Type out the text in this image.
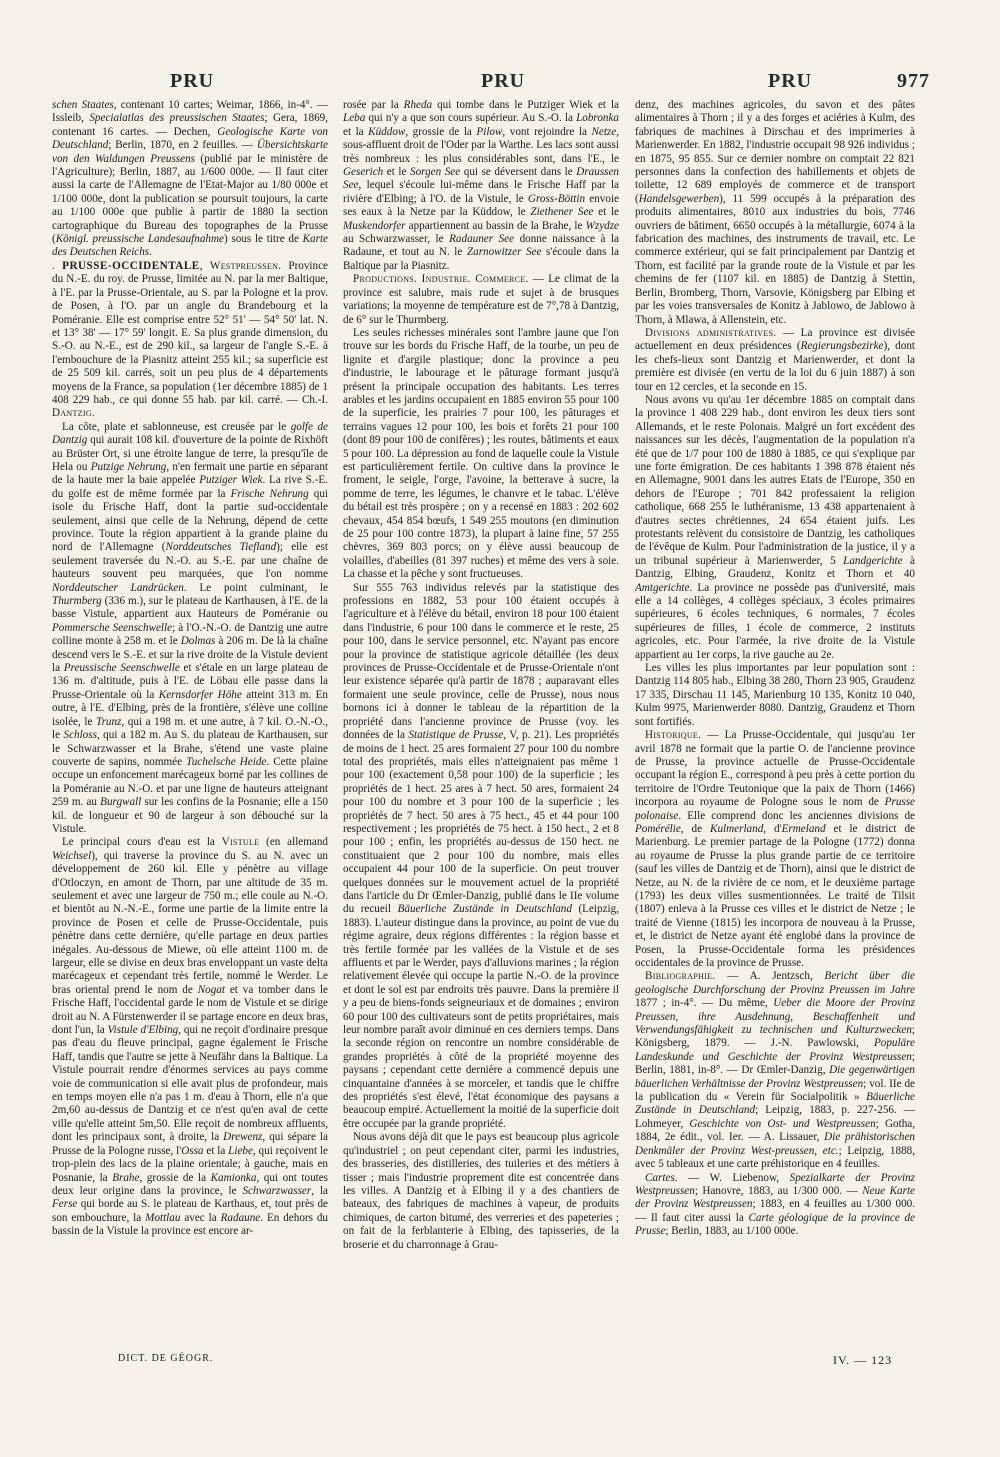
PRU	PRU	PRU	977

schen Staates, contenant 10 cartes; Weimar, 1866, in-4°. — Issleib, Specialatlas des preussischen Staates; Gera, 1869, contenant 16 cartes. — Dechen, Geologische Karte von Deutschland; Berlin, 1870, en 2 feuilles. — Übersichtskarte von den Waldungen Preussens (publié par le ministère de l'Agriculture); Berlin, 1887, au 1/600 000e. — Il faut citer aussi la carte de l'Allemagne de l'Etat-Major au 1/80 000e et 1/100 000e, dont la publication se poursuit toujours, la carte au 1/100 000e que publie à partir de 1880 la section cartographique du Bureau des topographes de la Prusse (Königl. preussische Landesaufnahme) sous le titre de Karte des Deutschen Reichs.

. PRUSSE-OCCIDENTALE, Westpreussen. Province du N.-E. du roy. de Prusse, limitée au N. par la mer Baltique, à l'E. par la Prusse-Orientale, au S. par la Pologne et la prov. de Posen, à l'O. par un angle du Brandebourg et la Poméranie. Elle est comprise entre 52° 51' — 54° 50' lat. N. et 13° 38' — 17° 59' longit. E. Sa plus grande dimension, du S.-O. au N.-E., est de 290 kil., sa largeur de l'angle S.-E. à l'embouchure de la Piasnitz atteint 255 kil.; sa superficie est de 25 509 kil. carrés, soit un peu plus de 4 départements moyens de la France, sa population (1er décembre 1885) de 1 408 229 hab., ce qui donne 55 hab. par kil. carré. — Ch.-I. Dantzig.

La côte, plate et sablonneuse, est creusée par le golfe de Dantzig qui aurait 108 kil. d'ouverture de la pointe de Rixhöft au Brüster Ort, si une étroite langue de terre, la presqu'île de Hela ou Putzige Nehrung, n'en fermait une partie en séparant de la haute mer la baie appelée Putziger Wiek. La rive S.-E. du golfe est de même formée par la Frische Nehrung qui isole du Frische Haff, dont la partie sud-occidentale seulement, ainsi que celle de la Nehrung, dépend de cette province. Toute la région appartient à la grande plaine du nord de l'Allemagne (Norddeutsches Tiefland); elle est seulement traversée du N.-O. au S.-E. par une chaîne de hauteurs souvent peu marquées, que l'on nomme Norddeutscher Landrücken. Le point culminant, le Thurmberg (336 m.), sur le plateau de Karthausen, à l'E. de la basse Vistule, appartient aux Hauteurs de Poméranie ou Pommersche Seenschwelle; à l'O.-N.-O. de Dantzig une autre colline monte à 258 m. et le Dolmas à 206 m. De là la chaîne descend vers le S.-E. et sur la rive droite de la Vistule devient la Preussische Seenschwelle et s'étale en un large plateau de 136 m. d'altitude, puis à l'E. de Löbau elle passe dans la Prusse-Orientale où la Kernsdorfer Höhe atteint 313 m. En outre, à l'E. d'Elbing, près de la frontière, s'élève une colline isolée, le Trunz, qui a 198 m. et une autre, à 7 kil. O.-N.-O., le Schloss, qui a 182 m. Au S. du plateau de Karthausen, sur le Schwarzwasser et la Brahe, s'étend une vaste plaine couverte de sapins, nommée Tuchelsche Heide. Cette plaine occupe un enfoncement marécageux borné par les collines de la Poméranie au N.-O. et par une ligne de hauteurs atteignant 259 m. au Burgwall sur les confins de la Posnanie; elle a 150 kil. de longueur et 90 de largeur à son débouché sur la Vistule.

Le principal cours d'eau est la Vistule (en allemand Weichsel), qui traverse la province du S. au N. avec un développement de 260 kil. Elle y pénètre au village d'Otloczyn, en amont de Thorn, par une altitude de 35 m. seulement et avec une largeur de 750 m.; elle coule au N.-O. et bientôt au N.-N.-E., forme une partie de la limite entre la province de Posen et celle de Prusse-Occidentale, puis pénètre dans cette dernière, qu'elle partage en deux parties inégales. Au-dessous de Miewe, où elle atteint 1100 m. de largeur, elle se divise en deux bras enveloppant un vaste delta marécageux et cependant très fertile, nommé le Werder. Le bras oriental prend le nom de Nogat et va tomber dans le Frische Haff, l'occidental garde le nom de Vistule et se dirige droit au N. A Fürstenwerder il se partage encore en deux bras, dont l'un, la Vistule d'Elbing, qui ne reçoit d'ordinaire presque pas d'eau du fleuve principal, gagne également le Frische Haff, tandis que l'autre se jette à Neufähr dans la Baltique. La Vistule pourrait rendre d'énormes services au pays comme voie de communication si elle avait plus de profondeur, mais en temps moyen elle n'a pas 1 m. d'eau à Thorn, elle n'a que 2m,60 au-dessus de Dantzig et ce n'est qu'en aval de cette ville qu'elle atteint 5m,50. Elle reçoit de nombreux affluents, dont les principaux sont, à droite, la Drewenz, qui sépare la Prusse de la Pologne russe, l'Ossa et la Liebe, qui reçoivent le trop-plein des lacs de la plaine orientale; à gauche, mais en Posnanie, la Brahe, grossie de la Kamionka, qui ont toutes deux leur origine dans la province, le Schwarzwasser, la Ferse qui borde au S. le plateau de Karthaus, et, tout près de son embouchure, la Mottlau avec la Radaune. En dehors du bassin de la Vistule la province est encore ar-

rosée par la Rheda qui tombe dans le Putziger Wiek et la Leba qui n'y a que son cours supérieur. Au S.-O. la Lobronka et la Küddow, grossie de la Pilow, vont rejoindre la Netze, sous-affluent droit de l'Oder par la Warthe. Les lacs sont aussi très nombreux : les plus considérables sont, dans l'E., le Geserich et le Sorgen See qui se déversent dans le Draussen See, lequel s'écoule lui-même dans le Frische Haff par la rivière d'Elbing; à l'O. de la Vistule, le Gross-Böttin envoie ses eaux à la Netze par la Küddow, le Ziethener See et le Muskendorfer appartiennent au bassin de la Brahe, le Wzydze au Schwarzwasser, le Radauner See donne naissance à la Radaune, et tout au N. le Zarnowitzer See s'écoule dans la Baltique par la Piasnitz.

Productions. Industrie. Commerce. — Le climat de la province est salubre, mais rude et sujet à de brusques variations; la moyenne de température est de 7°,78 à Dantzig, de 6° sur le Thurmberg.

Les seules richesses minérales sont l'ambre jaune que l'on trouve sur les bords du Frische Haff, de la tourbe, un peu de lignite et d'argile plastique; donc la province a peu d'industrie, le labourage et le pâturage formant jusqu'à présent la principale occupation des habitants. Les terres arables et les jardins occupaient en 1885 environ 55 pour 100 de la superficie, les prairies 7 pour 100, les pâturages et terrains vagues 12 pour 100, les bois et forêts 21 pour 100 (dont 89 pour 100 de conifères) ; les routes, bâtiments et eaux 5 pour 100. La dépression au fond de laquelle coule la Vistule est particulièrement fertile. On cultive dans la province le froment, le seigle, l'orge, l'avoine, la betterave à sucre, la pomme de terre, les légumes, le chanvre et le tabac. L'élève du bétail est très prospère ; on y a recensé en 1883 : 202 602 chevaux, 454 854 bœufs, 1 549 255 moutons (en diminution de 25 pour 100 contre 1873), la plupart à laine fine, 57 255 chèvres, 369 803 porcs; on y élève aussi beaucoup de volailles, d'abeilles (81 397 ruches) et même des vers à soie. La chasse et la pêche y sont fructueuses.

Sur 555 763 individus relevés par la statistique des professions en 1882, 53 pour 100 étaient occupés à l'agriculture et à l'élève du bétail, environ 18 pour 100 étaient dans l'industrie, 6 pour 100 dans le commerce et le reste, 25 pour 100, dans le service personnel, etc. N'ayant pas encore pour la province de statistique agricole détaillée (les deux provinces de Prusse-Occidentale et de Prusse-Orientale n'ont leur existence séparée qu'à partir de 1878 ; auparavant elles formaient une seule province, celle de Prusse), nous nous bornons ici à donner le tableau de la répartition de la propriété dans l'ancienne province de Prusse (voy. les données de la Statistique de Prusse, V, p. 21). Les propriétés de moins de 1 hect. 25 ares formaient 27 pour 100 du nombre total des propriétés, mais elles n'atteignaient pas même 1 pour 100 (exactement 0,58 pour 100) de la superficie ; les propriétés de 1 hect. 25 ares à 7 hect. 50 ares, formaient 24 pour 100 du nombre et 3 pour 100 de la superficie ; les propriétés de 7 hect. 50 ares à 75 hect., 45 et 44 pour 100 respectivement ; les propriétés de 75 hect. à 150 hect., 2 et 8 pour 100 ; enfin, les propriétés au-dessus de 150 hect. ne constituaient que 2 pour 100 du nombre, mais elles occupaient 44 pour 100 de la superficie. On peut trouver quelques données sur le mouvement actuel de la propriété dans l'article du Dr Œmler-Danzig, publié dans le IIe volume du recueil Bäuerliche Zustände in Deutschland (Leipzig, 1883). L'auteur distingue dans la province, au point de vue du régime agraire, deux régions différentes : la région basse et très fertile formée par les vallées de la Vistule et de ses affluents et par le Werder, pays d'alluvions marines ; la région relativement élevée qui occupe la partie N.-O. de la province et dont le sol est par endroits très pauvre. Dans la première il y a peu de biens-fonds seigneuriaux et de domaines ; environ 60 pour 100 des cultivateurs sont de petits propriétaires, mais leur nombre paraît avoir diminué en ces derniers temps. Dans la seconde région on rencontre un nombre considérable de grandes propriétés à côté de la propriété moyenne des paysans ; cependant cette dernière a commencé depuis une cinquantaine d'années à se morceler, et tandis que le chiffre des propriétés s'est élevé, l'état économique des paysans a beaucoup empiré. Actuellement la moitié de la superficie doit être occupée par la grande propriété.

Nous avons déjà dit que le pays est beaucoup plus agricole qu'industriel ; on peut cependant citer, parmi les industries, des brasseries, des distilleries, des tuileries et des métiers à tisser ; mais l'industrie proprement dite est concentrée dans les villes. A Dantzig et à Elbing il y a des chantiers de bateaux, des fabriques de machines à vapeur, de produits chimiques, de carton bitumé, des verreries et des papeteries ; on fait de la ferblanterie à Elbing, des tapisseries, de la broserie et du charronnage à Grau-

denz, des machines agricoles, du savon et des pâtes alimentaires à Thorn ; il y a des forges et aciéries à Kulm, des fabriques de machines à Dirschau et des imprimeries à Marienwerder. En 1882, l'industrie occupait 98 926 individus ; en 1875, 95 855. Sur ce dernier nombre on comptait 22 821 personnes dans la confection des habillements et objets de toilette, 12 689 employés de commerce et de transport (Handelsgewerben), 11 599 occupés à la préparation des produits alimentaires, 8010 aux industries du bois, 7746 ouvriers de bâtiment, 6650 occupés à la métallurgie, 6074 à la fabrication des machines, des instruments de travail, etc. Le commerce extérieur, qui se fait principalement par Dantzig et Thorn, est facilité par la grande route de la Vistule et par les chemins de fer (1107 kil. en 1885) de Dantzig à Stettin, Berlin, Bromberg, Thorn, Varsovie, Königsberg par Elbing et par les voies transversales de Konitz à Jablowo, de Jablowo à Thorn, à Mlawa, à Allenstein, etc.

Divisions administratives. — La province est divisée actuellement en deux présidences (Regierungsbezirke), dont les chefs-lieux sont Dantzig et Marienwerder, et dont la première est divisée (en vertu de la loi du 6 juin 1887) à son tour en 12 cercles, et la seconde en 15.

Nous avons vu qu'au 1er décembre 1885 on comptait dans la province 1 408 229 hab., dont environ les deux tiers sont Allemands, et le reste Polonais. Malgré un fort excédent des naissances sur les décès, l'augmentation de la population n'a été que de 1/7 pour 100 de 1880 à 1885, ce qui s'explique par une forte émigration. De ces habitants 1 398 878 étaient nés en Allemagne, 9001 dans les autres Etats de l'Europe, 350 en dehors de l'Europe ; 701 842 professaient la religion catholique, 668 255 le luthéranisme, 13 438 appartenaient à d'autres sectes chrétiennes, 24 654 étaient juifs. Les protestants relèvent du consistoire de Dantzig, les catholiques de l'évêque de Kulm. Pour l'administration de la justice, il y a un tribunal supérieur à Marienwerder, 5 Landgerichte à Dantzig, Elbing, Graudenz, Konitz et Thorn et 40 Amtgerichte. La province ne possède pas d'université, mais elle a 14 collèges, 4 collèges spéciaux, 3 écoles primaires supérieures, 6 écoles techniques, 6 normales, 7 écoles supérieures de filles, 1 école de commerce, 2 instituts agricoles, etc. Pour l'armée, la rive droite de la Vistule appartient au 1er corps, la rive gauche au 2e.

Les villes les plus importantes par leur population sont : Dantzig 114 805 hab., Elbing 38 280, Thorn 23 905, Graudenz 17 335, Dirschau 11 145, Marienburg 10 135, Konitz 10 040, Kulm 9975, Marienwerder 8080. Dantzig, Graudenz et Thorn sont fortifiés.

Historique. — La Prusse-Occidentale, qui jusqu'au 1er avril 1878 ne formait que la partie O. de l'ancienne province de Prusse, la province actuelle de Prusse-Occidentale occupant la région E., correspond à peu près à cette portion du territoire de l'Ordre Teutonique que la paix de Thorn (1466) incorpora au royaume de Pologne sous le nom de Prusse polonaise. Elle comprend donc les anciennes divisions de Pomérélie, de Kulmerland, d'Ermeland et le district de Marienburg. Le premier partage de la Pologne (1772) donna au royaume de Prusse la plus grande partie de ce territoire (sauf les villes de Dantzig et de Thorn), ainsi que le district de Netze, au N. de la rivière de ce nom, et le deuxième partage (1793) les deux villes susmentionnées. Le traité de Tilsit (1807) enleva à la Prusse ces villes et le district de Netze ; le traité de Vienne (1815) les incorpora de nouveau à la Prusse, et, le district de Netze ayant été englobé dans la province de Posen, la Prusse-Occidentale forma les présidences occidentales de la province de Prusse.

Bibliographie. — A. Jentzsch, Bericht über die geologische Durchforschung der Provinz Preussen im Jahre 1877 ; in-4°. — Du même, Ueber die Moore der Provinz Preussen, ihre Ausdehnung, Beschaffenheit und Verwendungsfähigkeit zu technischen und Kulturzwecken; Königsberg, 1879. — J.-N. Pawlowski, Populäre Landeskunde und Geschichte der Provinz Westpreussen; Berlin, 1881, in-8°. — Dr Œmler-Danzig, Die gegenwärtigen bäuerlichen Verhältnisse der Provinz Westpreussen; vol. IIe de la publication du « Verein für Socialpolitik » Bäuerliche Zustände in Deutschland; Leipzig, 1883, p. 227-256. — Lohmeyer, Geschichte von Ost- und Westpreussen; Gotha, 1884, 2e édit., vol. Ier. — A. Lissauer, Die prähistorischen Denkmäler der Provinz West-preussen, etc.; Leipzig, 1888, avec 5 tableaux et une carte préhistorique en 4 feuilles.

Cartes. — W. Liebenow, Spezialkarte der Provinz Westpreussen; Hanovre, 1883, au 1/300 000. — Neue Karte der Provinz Westpreussen; 1883, en 4 feuilles au 1/300 000. — Il faut citer aussi la Carte géologique de la province de Prusse; Berlin, 1883, au 1/100 000e.

DICT. DE GÉOGR.	IV. — 123
